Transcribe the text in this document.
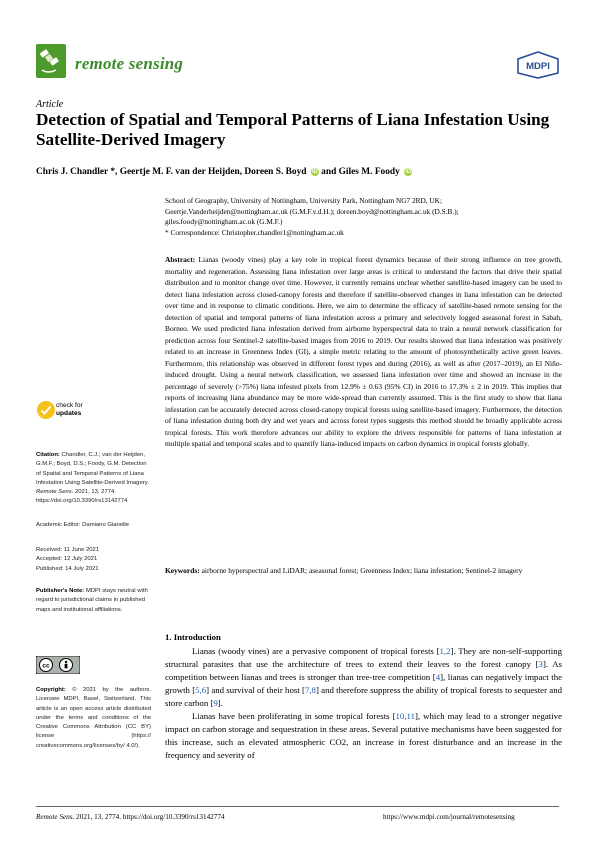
remote sensing	MDPI
Article
Detection of Spatial and Temporal Patterns of Liana Infestation Using Satellite-Derived Imagery
Chris J. Chandler *, Geertje M. F. van der Heijden, Doreen S. Boyd iD and Giles M. Foody iD
School of Geography, University of Nottingham, University Park, Nottingham NG7 2RD, UK;
Geertje.Vanderheijden@nottingham.ac.uk (G.M.F.v.d.H.); doreen.boyd@nottingham.ac.uk (D.S.B.);
giles.foody@nottingham.ac.uk (G.M.F.)
* Correspondence: Christopher.chandler1@nottingham.ac.uk
Abstract: Lianas (woody vines) play a key role in tropical forest dynamics because of their strong influence on tree growth, mortality and regeneration. Assessing liana infestation over large areas is critical to understand the factors that drive their spatial distribution and to monitor change over time. However, it currently remains unclear whether satellite-based imagery can be used to detect liana infestation across closed-canopy forests and therefore if satellite-observed changes in liana infestation can be detected over time and in response to climatic conditions. Here, we aim to determine the efficacy of satellite-based remote sensing for the detection of spatial and temporal patterns of liana infestation across a primary and selectively logged aseasonal forest in Sabah, Borneo. We used predicted liana infestation derived from airborne hyperspectral data to train a neural network classification for prediction across four Sentinel-2 satellite-based images from 2016 to 2019. Our results showed that liana infestation was positively related to an increase in Greenness Index (GI), a simple metric relating to the amount of photosynthetically active green leaves. Furthermore, this relationship was observed in different forest types and during (2016), as well as after (2017–2019), an El Niño-induced drought. Using a neural network classification, we assessed liana infestation over time and showed an increase in the percentage of severely (>75%) liana infested pixels from 12.9% ± 0.63 (95% CI) in 2016 to 17.3% ± 2 in 2019. This implies that reports of increasing liana abundance may be more wide-spread than currently assumed. This is the first study to show that liana infestation can be accurately detected across closed-canopy tropical forests using satellite-based imagery. Furthermore, the detection of liana infestation during both dry and wet years and across forest types suggests this method should be broadly applicable across tropical forests. This work therefore advances our ability to explore the drivers responsible for patterns of liana infestation at multiple spatial and temporal scales and to quantify liana-induced impacts on carbon dynamics in tropical forests globally.
Keywords: airborne hyperspectral and LiDAR; aseasonal forest; Greenness Index; liana infestation; Sentinel-2 imagery
check for
updates
Citation: Chandler, C.J.; van der Heijden, G.M.F.; Boyd, D.S.; Foody, G.M. Detection of Spatial and Temporal Patterns of Liana Infestation Using Satellite-Derived Imagery. Remote Sens. 2021, 13, 2774. https://doi.org/10.3390/rs13142774
Academic Editor: Damiano Gianelle
Received: 11 June 2021
Accepted: 12 July 2021
Published: 14 July 2021
Publisher's Note: MDPI stays neutral with regard to jurisdictional claims in published maps and institutional affiliations.
cc
Copyright: © 2021 by the authors. Licensee MDPI, Basel, Switzerland. This article is an open access article distributed under the terms and conditions of the Creative Commons Attribution (CC BY) license (https:// creativecommons.org/licenses/by/ 4.0/).
1. Introduction

Lianas (woody vines) are a pervasive component of tropical forests [1,2]. They are non-self-supporting structural parasites that use the architecture of trees to extend their leaves to the forest canopy [3]. As competition between lianas and trees is stronger than tree-tree competition [4], lianas can negatively impact the growth [5,6] and survival of their host [7,8] and therefore suppress the ability of tropical forests to sequester and store carbon [9].

Lianas have been proliferating in some tropical forests [10,11], which may lead to a stronger negative impact on carbon storage and sequestration in these areas. Several putative mechanisms have been suggested for this increase, such as elevated atmospheric CO2, an increase in forest disturbance and an increase in the frequency and severity of

Remote Sens. 2021, 13, 2774. https://doi.org/10.3390/rs13142774	https://www.mdpi.com/journal/remotesensing
